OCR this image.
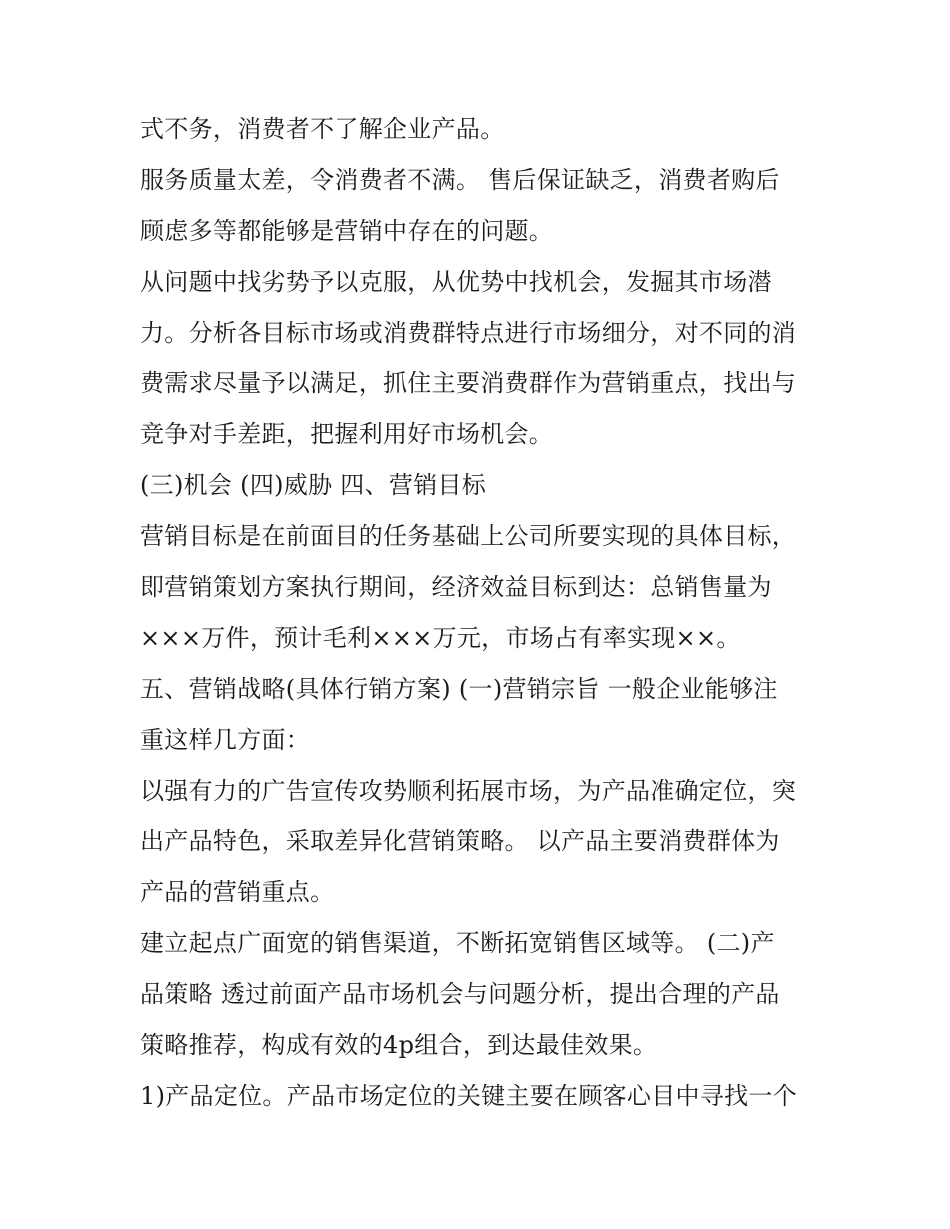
式不务，消费者不了解企业产品。
服务质量太差，令消费者不满。 售后保证缺乏，消费者购后
顾虑多等都能够是营销中存在的问题。
从问题中找劣势予以克服，从优势中找机会，发掘其市场潜
力。分析各目标市场或消费群特点进行市场细分，对不同的消
费需求尽量予以满足，抓住主要消费群作为营销重点，找出与
竞争对手差距，把握利用好市场机会。
(三)机会 (四)威胁 四、营销目标
营销目标是在前面目的任务基础上公司所要实现的具体目标，
即营销策划方案执行期间，经济效益目标到达：总销售量为
×××万件，预计毛利×××万元，市场占有率实现××。
五、营销战略(具体行销方案) (一)营销宗旨 一般企业能够注
重这样几方面：
以强有力的广告宣传攻势顺利拓展市场，为产品准确定位，突
出产品特色，采取差异化营销策略。 以产品主要消费群体为
产品的营销重点。
建立起点广面宽的销售渠道，不断拓宽销售区域等。 (二)产
品策略 透过前面产品市场机会与问题分析，提出合理的产品
策略推荐，构成有效的4p组合，到达最佳效果。
1)产品定位。产品市场定位的关键主要在顾客心目中寻找一个
